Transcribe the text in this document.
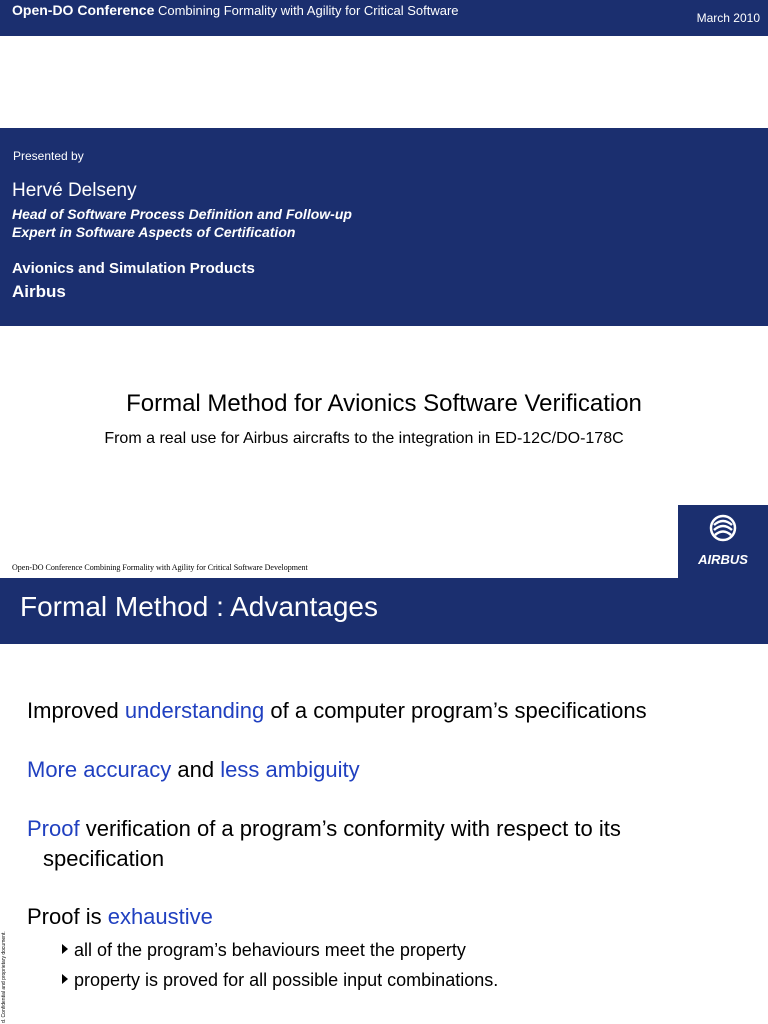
Open-DO Conference Combining Formality with Agility for Critical Software	March 2010
Presented by
Hervé Delseny
Head of Software Process Definition and Follow-up
Expert in Software Aspects of Certification
Avionics and Simulation Products
Airbus
Formal Method for Avionics Software Verification
From a real use for Airbus aircrafts to the integration in ED-12C/DO-178C
Open-DO Conference Combining Formality with Agility for Critical Software Development
AIRBUS
Formal Method : Advantages
Improved understanding of a computer program’s specifications
More accuracy and less ambiguity
Proof verification of a program’s conformity with respect to its
specification
Proof is exhaustive
all of the program’s behaviours meet the property
property is proved for all possible input combinations.
d. Confidential and proprietary document.
